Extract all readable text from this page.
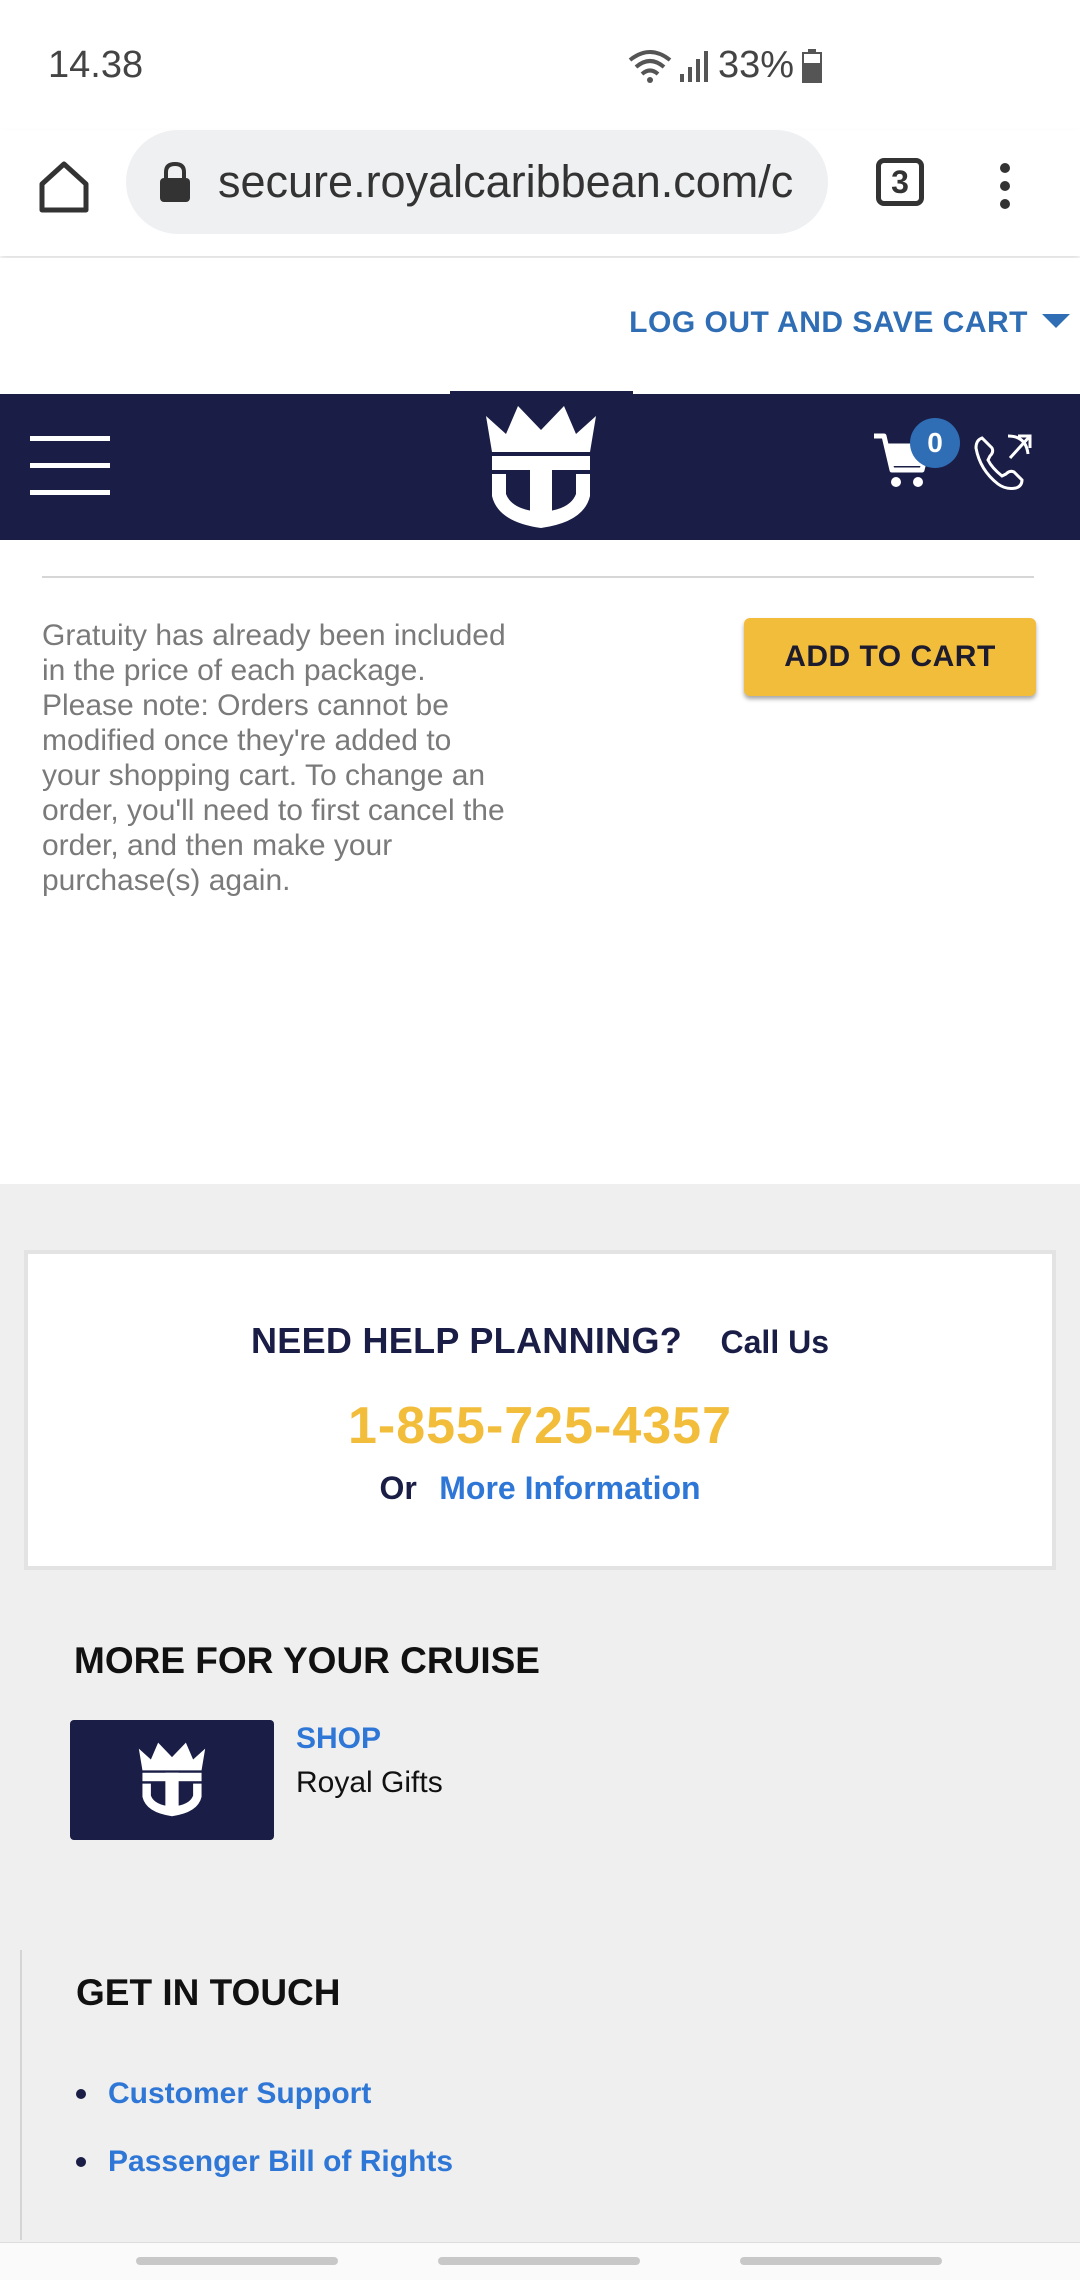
14.38	33%
secure.royalcaribbean.com/c	3
LOG OUT AND SAVE CART
0

Gratuity has already been included in the price of each package.

Please note: Orders cannot be modified once they're added to your shopping cart. To change an order, you'll need to first cancel the order, and then make your purchase(s) again.

ADD TO CART
NEED HELP PLANNING? Call Us
1-855-725-4357
Or More Information
MORE FOR YOUR CRUISE
SHOP
Royal Gifts
GET IN TOUCH
Customer Support
Passenger Bill of Rights
